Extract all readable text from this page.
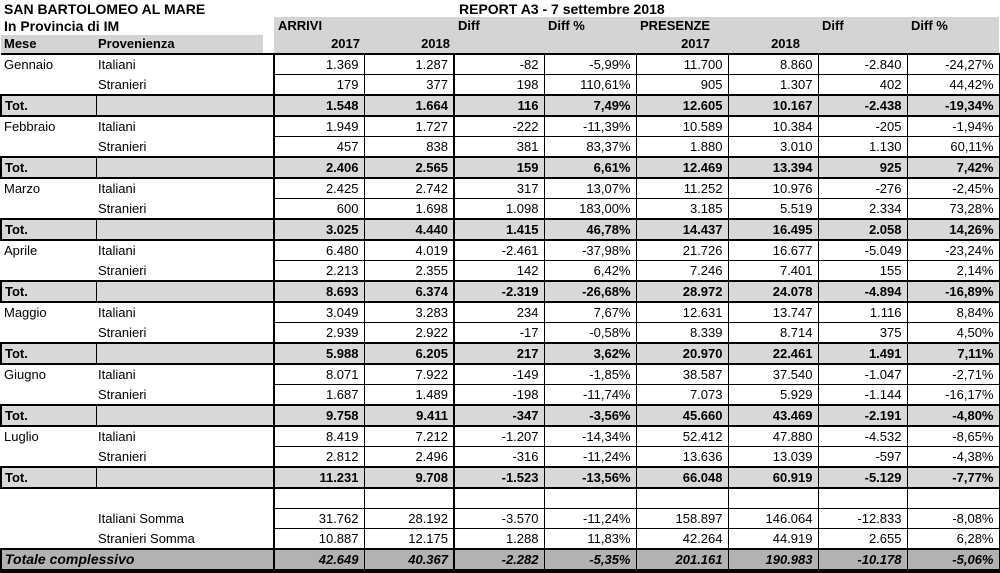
SAN BARTOLOMEO AL MARE REPORT A3 - 7 settembre 2018									

In Provincia di IM		ARRIVI		Diff	Diff %	PRESENZE		Diff	Diff %
Mese	Provenienza	2017	2018			2017	2018		
Gennaio	Italiani	1.369	1.287	-82	-5,99%	11.700	8.860	-2.840	-24,27%
	Stranieri	179	377	198	110,61%	905	1.307	402	44,42%
Tot.		1.548	1.664	116	7,49%	12.605	10.167	-2.438	-19,34%
Febbraio	Italiani	1.949	1.727	-222	-11,39%	10.589	10.384	-205	-1,94%
	Stranieri	457	838	381	83,37%	1.880	3.010	1.130	60,11%
Tot.		2.406	2.565	159	6,61%	12.469	13.394	925	7,42%
Marzo	Italiani	2.425	2.742	317	13,07%	11.252	10.976	-276	-2,45%
	Stranieri	600	1.698	1.098	183,00%	3.185	5.519	2.334	73,28%
Tot.		3.025	4.440	1.415	46,78%	14.437	16.495	2.058	14,26%
Aprile	Italiani	6.480	4.019	-2.461	-37,98%	21.726	16.677	-5.049	-23,24%
	Stranieri	2.213	2.355	142	6,42%	7.246	7.401	155	2,14%
Tot.		8.693	6.374	-2.319	-26,68%	28.972	24.078	-4.894	-16,89%
Maggio	Italiani	3.049	3.283	234	7,67%	12.631	13.747	1.116	8,84%
	Stranieri	2.939	2.922	-17	-0,58%	8.339	8.714	375	4,50%
Tot.		5.988	6.205	217	3,62%	20.970	22.461	1.491	7,11%
Giugno	Italiani	8.071	7.922	-149	-1,85%	38.587	37.540	-1.047	-2,71%
	Stranieri	1.687	1.489	-198	-11,74%	7.073	5.929	-1.144	-16,17%
Tot.		9.758	9.411	-347	-3,56%	45.660	43.469	-2.191	-4,80%
Luglio	Italiani	8.419	7.212	-1.207	-14,34%	52.412	47.880	-4.532	-8,65%
	Stranieri	2.812	2.496	-316	-11,24%	13.636	13.039	-597	-4,38%
Tot.		11.231	9.708	-1.523	-13,56%	66.048	60.919	-5.129	-7,77%

	Italiani Somma	31.762	28.192	-3.570	-11,24%	158.897	146.064	-12.833	-8,08%
	Stranieri Somma	10.887	12.175	1.288	11,83%	42.264	44.919	2.655	6,28%
Totale complessivo		42.649	40.367	-2.282	-5,35%	201.161	190.983	-10.178	-5,06%
